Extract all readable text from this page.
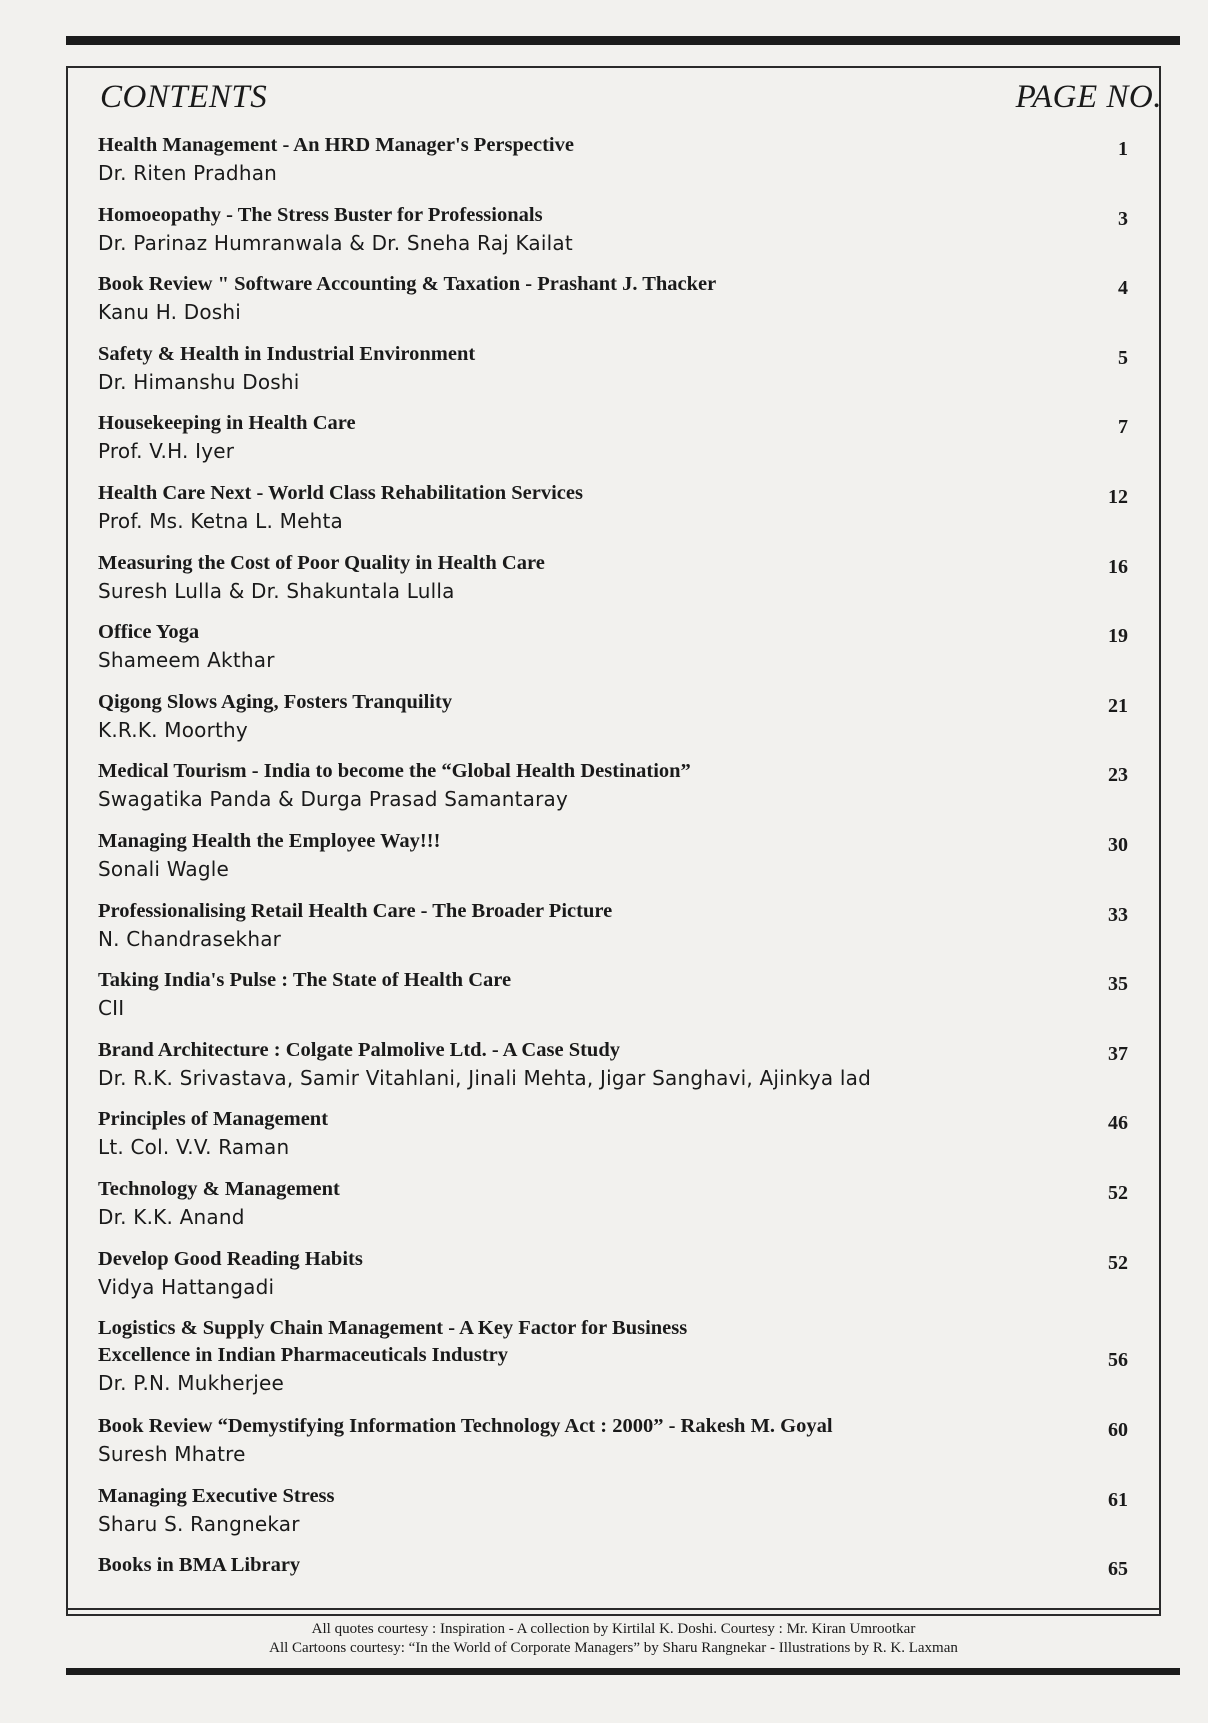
CONTENTS	PAGE NO.
Health Management - An HRD Manager's Perspective
Dr. Riten Pradhan
1
Homoeopathy - The Stress Buster for Professionals
Dr. Parinaz Humranwala & Dr. Sneha Raj Kailat
3
Book Review " Software Accounting & Taxation - Prashant J. Thacker
Kanu H. Doshi
4
Safety & Health in Industrial Environment
Dr. Himanshu Doshi
5
Housekeeping in Health Care
Prof. V.H. Iyer
7
Health Care Next - World Class Rehabilitation Services
Prof. Ms. Ketna L. Mehta
12
Measuring the Cost of Poor Quality in Health Care
Suresh Lulla & Dr. Shakuntala Lulla
16
Office Yoga
Shameem Akthar
19
Qigong Slows Aging, Fosters Tranquility
K.R.K. Moorthy
21
Medical Tourism - India to become the “Global Health Destination”
Swagatika Panda & Durga Prasad Samantaray
23
Managing Health the Employee Way!!!
Sonali Wagle
30
Professionalising Retail Health Care - The Broader Picture
N. Chandrasekhar
33
Taking India's Pulse : The State of Health Care
CII
35
Brand Architecture : Colgate Palmolive Ltd. - A Case Study
Dr. R.K. Srivastava, Samir Vitahlani, Jinali Mehta, Jigar Sanghavi, Ajinkya lad
37
Principles of Management
Lt. Col. V.V. Raman
46
Technology & Management
Dr. K.K. Anand
52
Develop Good Reading Habits
Vidya Hattangadi
52
Logistics & Supply Chain Management - A Key Factor for Business
Excellence in Indian Pharmaceuticals Industry
Dr. P.N. Mukherjee
56
Book Review “Demystifying Information Technology Act : 2000” - Rakesh M. Goyal
Suresh Mhatre
60
Managing Executive Stress
Sharu S. Rangnekar
61
Books in BMA Library	65
All quotes courtesy : Inspiration - A collection by Kirtilal K. Doshi. Courtesy : Mr. Kiran Umrootkar
All Cartoons courtesy: “In the World of Corporate Managers” by Sharu Rangnekar - Illustrations by R. K. Laxman
